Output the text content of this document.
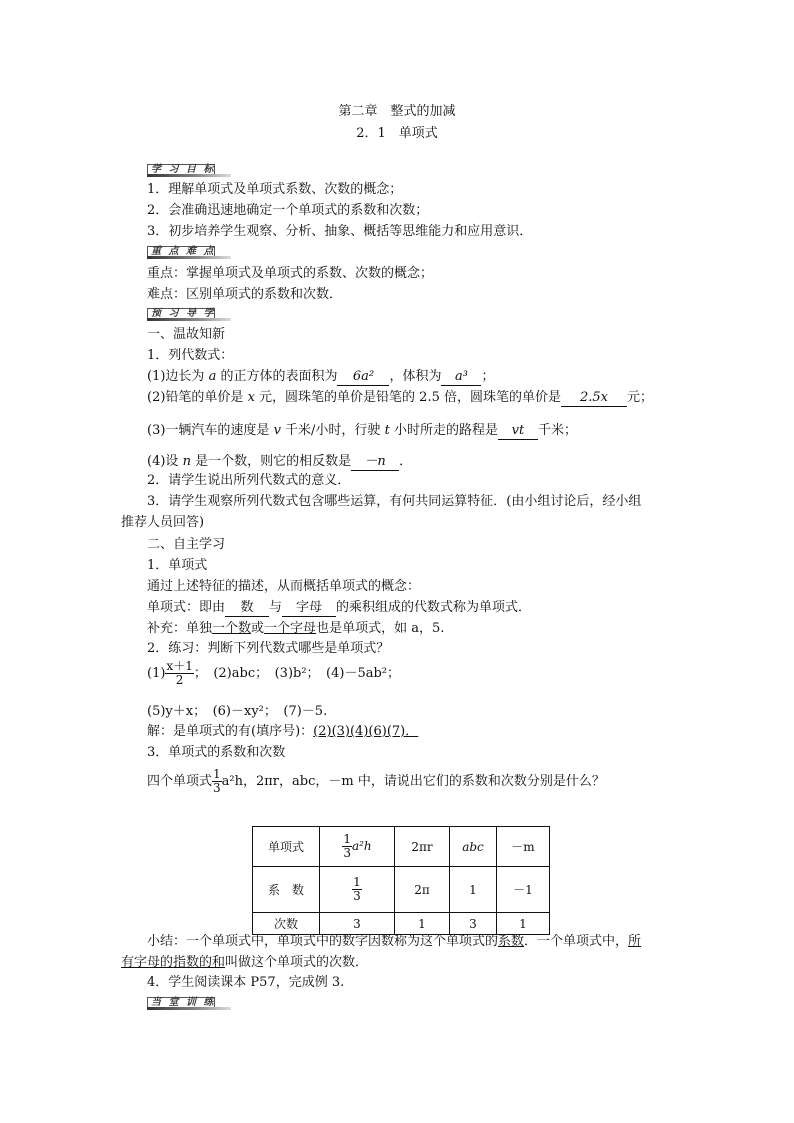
第二章　整式的加减
2．1　单项式
学 习 目 标
1．理解单项式及单项式系数、次数的概念；
2．会准确迅速地确定一个单项式的系数和次数；
3．初步培养学生观察、分析、抽象、概括等思维能力和应用意识．
重 点 难 点
重点：掌握单项式及单项式的系数、次数的概念；
难点：区别单项式的系数和次数．
预 习 导 学
一、温故知新
1．列代数式：
(1)边长为 a 的正方体的表面积为 6a² ，体积为 a³ ；
(2)铅笔的单价是 x 元，圆珠笔的单价是铅笔的 2.5 倍，圆珠笔的单价是 2.5x 元；
(3)一辆汽车的速度是 v 千米/小时，行驶 t 小时所走的路程是 vt 千米；
(4)设 n 是一个数，则它的相反数是 －n ．
2．请学生说出所列代数式的意义．
3．请学生观察所列代数式包含哪些运算，有何共同运算特征．(由小组讨论后，经小组
推荐人员回答)
二、自主学习
1．单项式
通过上述特征的描述，从而概括单项式的概念：
单项式：即由 数 与 字母 的乘积组成的代数式称为单项式．
补充：单独一个数或一个字母也是单项式，如 a，5.
2．练习：判断下列代数式哪些是单项式？
$(1) \frac{x+1}{2}$ ；　(2)abc；　(3)b²；　(4)－5ab²；
(5)y＋x；　(6)－xy²；　(7)－5.
解：是单项式的有(填序号)：(2)(3)(4)(6)(7)．
3．单项式的系数和次数
四个单项式 $\frac{1}{3} a^2h$，2πr，abc，－m 中，请说出它们的系数和次数分别是什么？
单项式	$\frac{1}{3} a^2h$	2πr	abc	－m
系　数	$\frac{1}{3}$	2π	1	－1
次数	3	1	3	1
小结：一个单项式中，单项式中的数字因数称为这个单项式的系数．一个单项式中，所
有字母的指数的和叫做这个单项式的次数．
4．学生阅读课本 P57，完成例 3.
当 堂 训 练
